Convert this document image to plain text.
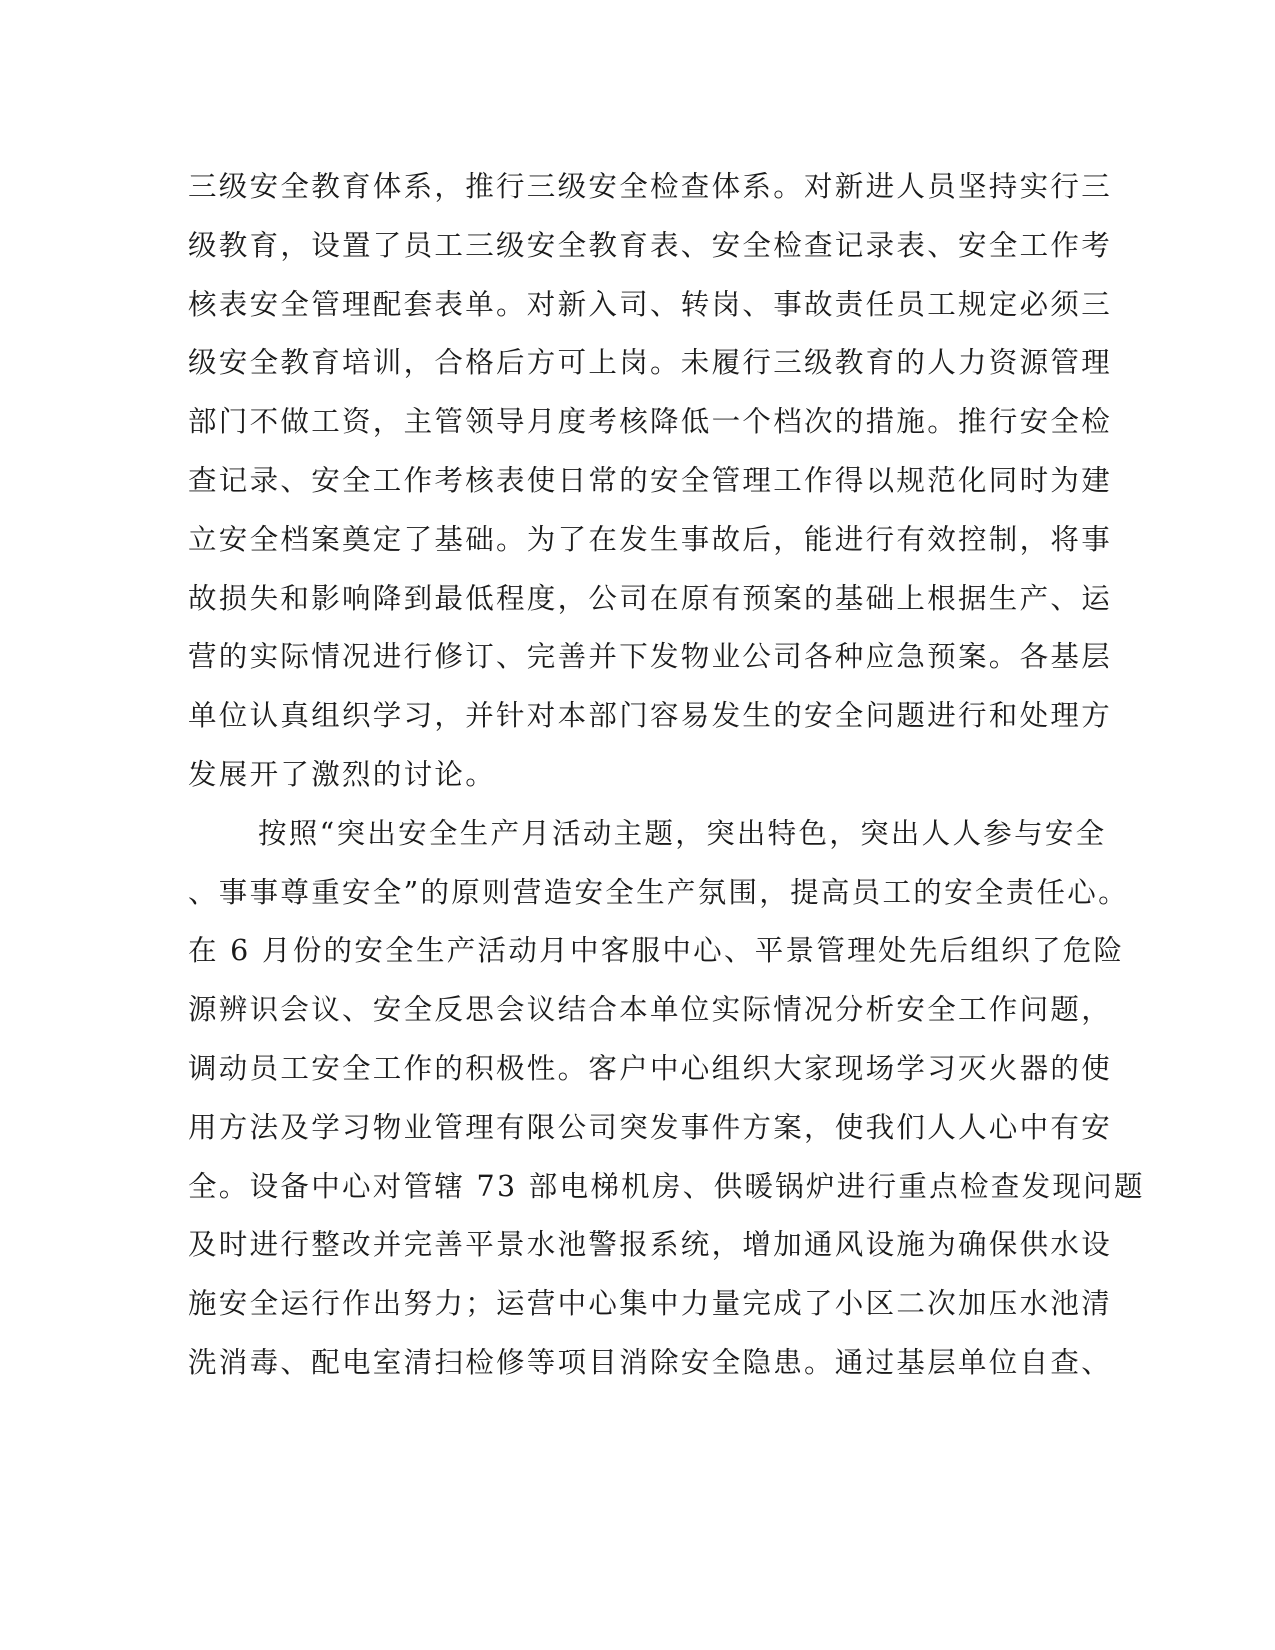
三级安全教育体系，推行三级安全检查体系。对新进人员坚持实行三
级教育，设置了员工三级安全教育表、安全检查记录表、安全工作考
核表安全管理配套表单。对新入司、转岗、事故责任员工规定必须三
级安全教育培训，合格后方可上岗。未履行三级教育的人力资源管理
部门不做工资，主管领导月度考核降低一个档次的措施。推行安全检
查记录、安全工作考核表使日常的安全管理工作得以规范化同时为建
立安全档案奠定了基础。为了在发生事故后，能进行有效控制，将事
故损失和影响降到最低程度，公司在原有预案的基础上根据生产、运
营的实际情况进行修订、完善并下发物业公司各种应急预案。各基层
单位认真组织学习，并针对本部门容易发生的安全问题进行和处理方
发展开了激烈的讨论。
按照“突出安全生产月活动主题，突出特色，突出人人参与安全
、事事尊重安全”的原则营造安全生产氛围，提高员工的安全责任心。
在 6 月份的安全生产活动月中客服中心、平景管理处先后组织了危险
源辨识会议、安全反思会议结合本单位实际情况分析安全工作问题，
调动员工安全工作的积极性。客户中心组织大家现场学习灭火器的使
用方法及学习物业管理有限公司突发事件方案，使我们人人心中有安
全。设备中心对管辖 73 部电梯机房、供暖锅炉进行重点检查发现问题
及时进行整改并完善平景水池警报系统，增加通风设施为确保供水设
施安全运行作出努力；运营中心集中力量完成了小区二次加压水池清
洗消毒、配电室清扫检修等项目消除安全隐患。通过基层单位自查、
